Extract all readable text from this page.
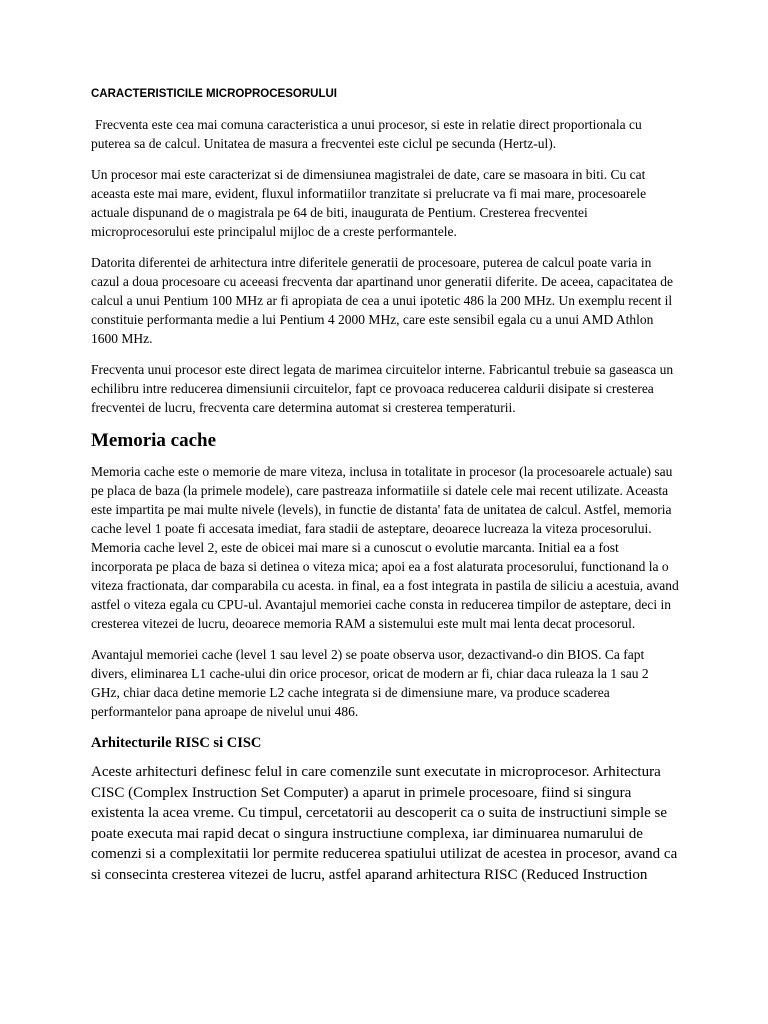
CARACTERISTICILE MICROPROCESORULUI

Frecventa este cea mai comuna caracteristica a unui procesor, si este in relatie direct proportionala cu puterea sa de calcul. Unitatea de masura a frecventei este ciclul pe secunda (Hertz-ul).

Un procesor mai este caracterizat si de dimensiunea magistralei de date, care se masoara in biti. Cu cat aceasta este mai mare, evident, fluxul informatiilor tranzitate si prelucrate va fi mai mare, procesoarele actuale dispunand de o magistrala pe 64 de biti, inaugurata de Pentium. Cresterea frecventei microprocesorului este principalul mijloc de a creste performantele.

Datorita diferentei de arhitectura intre diferitele generatii de procesoare, puterea de calcul poate varia in cazul a doua procesoare cu aceeasi frecventa dar apartinand unor generatii diferite. De aceea, capacitatea de calcul a unui Pentium 100 MHz ar fi apropiata de cea a unui ipotetic 486 la 200 MHz. Un exemplu recent il constituie performanta medie a lui Pentium 4 2000 MHz, care este sensibil egala cu a unui AMD Athlon 1600 MHz.

Frecventa unui procesor este direct legata de marimea circuitelor interne. Fabricantul trebuie sa gaseasca un echilibru intre reducerea dimensiunii circuitelor, fapt ce provoaca reducerea caldurii disipate si cresterea frecventei de lucru, frecventa care determina automat si cresterea temperaturii.

Memoria cache

Memoria cache este o memorie de mare viteza, inclusa in totalitate in procesor (la procesoarele actuale) sau pe placa de baza (la primele modele), care pastreaza informatiile si datele cele mai recent utilizate. Aceasta este impartita pe mai multe nivele (levels), in functie de distanta' fata de unitatea de calcul. Astfel, memoria cache level 1 poate fi accesata imediat, fara stadii de asteptare, deoarece lucreaza la viteza procesorului. Memoria cache level 2, este de obicei mai mare si a cunoscut o evolutie marcanta. Initial ea a fost incorporata pe placa de baza si detinea o viteza mica; apoi ea a fost alaturata procesorului, functionand la o viteza fractionata, dar comparabila cu acesta. in final, ea a fost integrata in pastila de siliciu a acestuia, avand astfel o viteza egala cu CPU-ul. Avantajul memoriei cache consta in reducerea timpilor de asteptare, deci in cresterea vitezei de lucru, deoarece memoria RAM a sistemului este mult mai lenta decat procesorul.

Avantajul memoriei cache (level 1 sau level 2) se poate observa usor, dezactivand-o din BIOS. Ca fapt divers, eliminarea L1 cache-ului din orice procesor, oricat de modern ar fi, chiar daca ruleaza la 1 sau 2 GHz, chiar daca detine memorie L2 cache integrata si de dimensiune mare, va produce scaderea performantelor pana aproape de nivelul unui 486.

Arhitecturile RISC si CISC

Aceste arhitecturi definesc felul in care comenzile sunt executate in microprocesor. Arhitectura CISC (Complex Instruction Set Computer) a aparut in primele procesoare, fiind si singura existenta la acea vreme. Cu timpul, cercetatorii au descoperit ca o suita de instructiuni simple se poate executa mai rapid decat o singura instructiune complexa, iar diminuarea numarului de comenzi si a complexitatii lor permite reducerea spatiului utilizat de acestea in procesor, avand ca si consecinta cresterea vitezei de lucru, astfel aparand arhitectura RISC (Reduced Instruction
